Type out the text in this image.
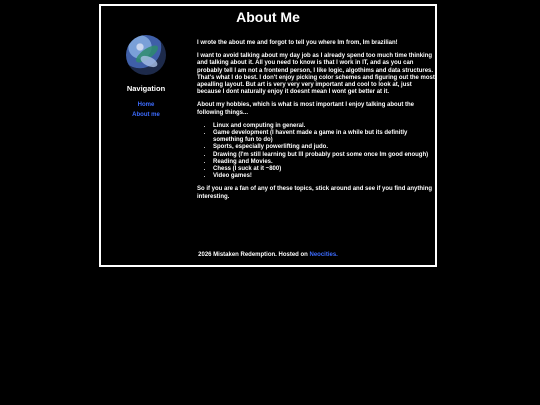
About Me
Navigation
Home
About me

I wrote the about me and forgot to tell you where Im from, Im brazilian!

I want to avoid talking about my day job as I already spend too much time thinking and talking about it. All you need to know is that I work in IT, and as you can probably tell I am not a frontend person, I like logic, algothims and data structures. That's what I do best. I don't enjoy picking color schemes and figuring out the most apealling layout. But art is very very very important and cool to look at, just because I dont naturally enjoy it doesnt mean I wont get better at it.

About my hobbies, which is what is most important I enjoy talking about the following things...

• Linux and computing in general.
• Game development (I havent made a game in a while but its definitly something fun to do)
• Sports, especially powerlifting and judo.
• Drawing (I'm still learning but Ill probably post some once Im good enough)
• Reading and Movies.
• Chess (I suck at it ~800)
• Video games!

So if you are a fan of any of these topics, stick around and see if you find anything interesting.

2026 Mistaken Redemption. Hosted on Neocities.
